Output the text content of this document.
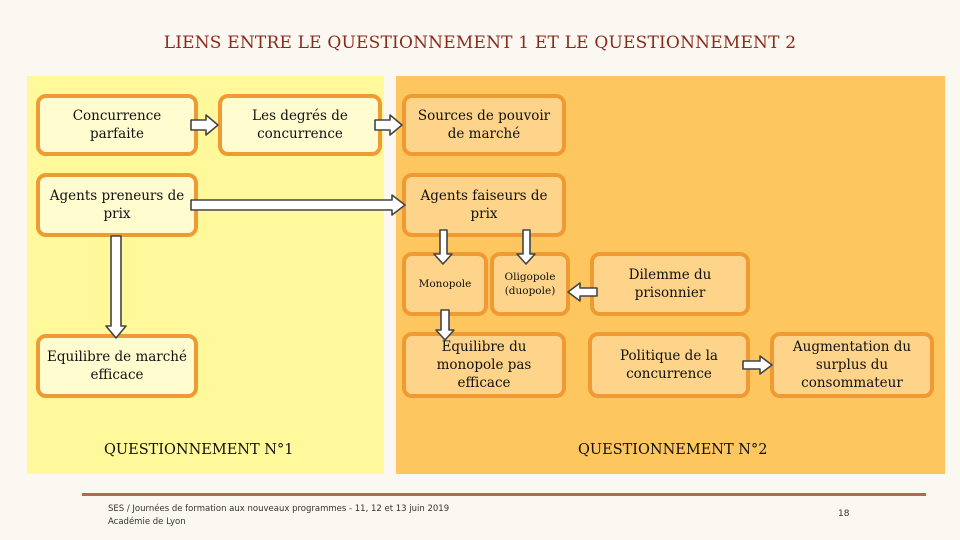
LIENS ENTRE LE QUESTIONNEMENT 1 ET LE QUESTIONNEMENT 2
Concurrence parfaite
Les degrés de concurrence
Agents preneurs de prix
Equilibre de marché efficace
Sources de pouvoir de marché
Agents faiseurs de prix
Monopole
Oligopole (duopole)
Dilemme du prisonnier
Equilibre du monopole pas efficace
Politique de la concurrence
Augmentation du surplus du consommateur
QUESTIONNEMENT N°1	QUESTIONNEMENT N°2
SES / Journées de formation aux nouveaux programmes - 11, 12 et 13 juin 2019
Académie de Lyon
18
